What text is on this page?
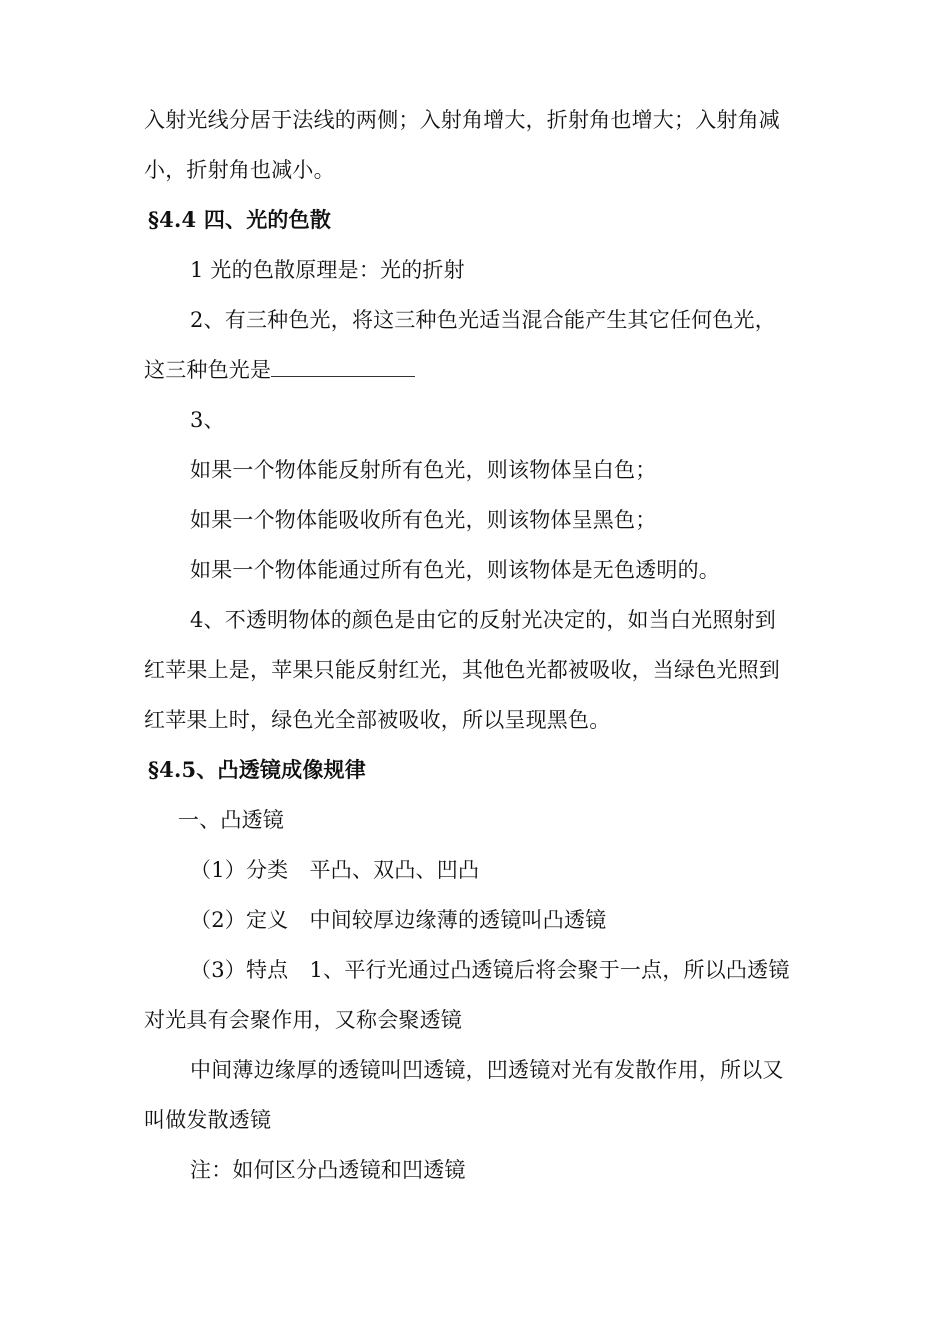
入射光线分居于法线的两侧；入射角增大，折射角也增大；入射角减
小，折射角也减小。
§4.4 四、光的色散
1 光的色散原理是：光的折射
2、有三种色光，将这三种色光适当混合能产生其它任何色光，
这三种色光是
3、
如果一个物体能反射所有色光，则该物体呈白色；
如果一个物体能吸收所有色光，则该物体呈黑色；
如果一个物体能通过所有色光，则该物体是无色透明的。
4、不透明物体的颜色是由它的反射光决定的，如当白光照射到
红苹果上是，苹果只能反射红光，其他色光都被吸收，当绿色光照到
红苹果上时，绿色光全部被吸收，所以呈现黑色。
§4.5、凸透镜成像规律
一、凸透镜
（1）分类　平凸、双凸、凹凸
（2）定义　中间较厚边缘薄的透镜叫凸透镜
（3）特点　1、平行光通过凸透镜后将会聚于一点，所以凸透镜
对光具有会聚作用，又称会聚透镜
中间薄边缘厚的透镜叫凹透镜，凹透镜对光有发散作用，所以又
叫做发散透镜
注：如何区分凸透镜和凹透镜
